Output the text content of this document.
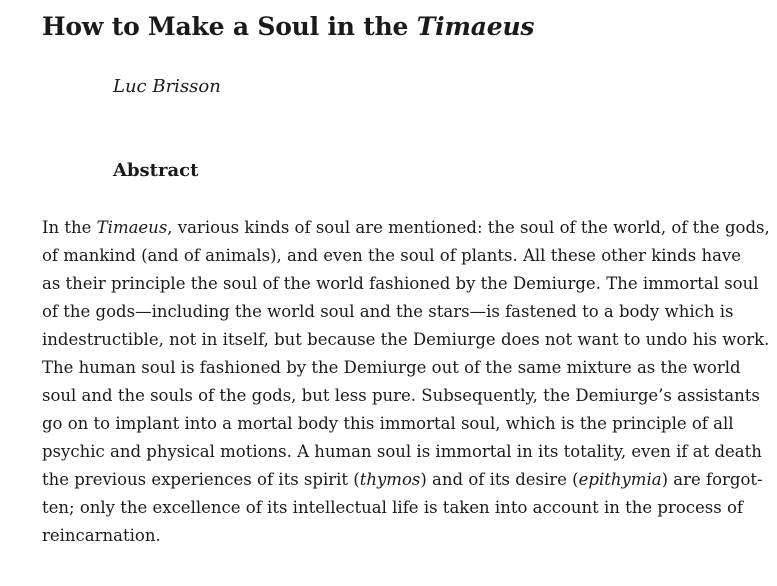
How to Make a Soul in the Timaeus
Luc Brisson
Abstract
In the Timaeus, various kinds of soul are mentioned: the soul of the world, of the gods,
of mankind (and of animals), and even the soul of plants. All these other kinds have
as their principle the soul of the world fashioned by the Demiurge. The immortal soul
of the gods—including the world soul and the stars—is fastened to a body which is
indestructible, not in itself, but because the Demiurge does not want to undo his work.
The human soul is fashioned by the Demiurge out of the same mixture as the world
soul and the souls of the gods, but less pure. Subsequently, the Demiurge’s assistants
go on to implant into a mortal body this immortal soul, which is the principle of all
psychic and physical motions. A human soul is immortal in its totality, even if at death
the previous experiences of its spirit (thymos) and of its desire (epithymia) are forgot-
ten; only the excellence of its intellectual life is taken into account in the process of
reincarnation.
